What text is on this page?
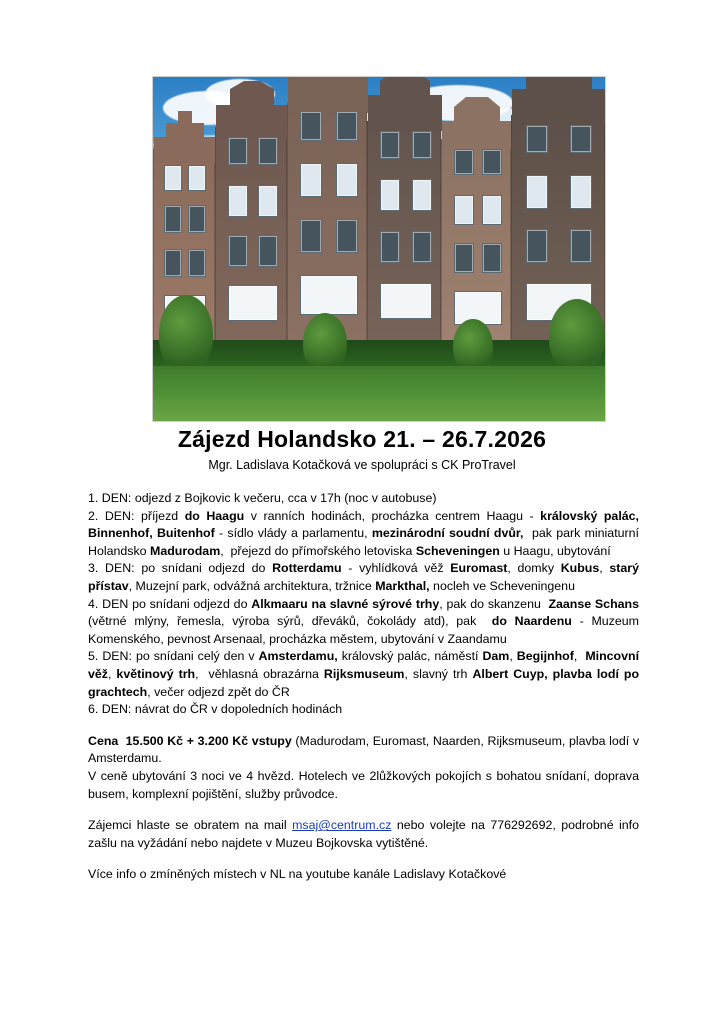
Zájezd Holandsko 21. – 26.7.2026
Mgr. Ladislava Kotačková ve spolupráci s CK ProTravel

1. DEN: odjezd z Bojkovic k večeru, cca v 17h (noc v autobuse)

2. DEN: příjezd do Haagu v ranních hodinách, procházka centrem Haagu - královský palác, Binnenhof, Buitenhof - sídlo vlády a parlamentu, mezinárodní soudní dvůr,  pak park miniaturní Holandsko Madurodam,  přejezd do přímořského letoviska Scheveningen u Haagu, ubytování

3. DEN: po snídani odjezd do Rotterdamu - vyhlídková věž Euromast, domky Kubus, starý přístav, Muzejní park, odvážná architektura, tržnice Markthal, nocleh ve Scheveningenu

4. DEN po snídani odjezd do Alkmaaru na slavné sýrové trhy, pak do skanzenu  Zaanse Schans (větrné mlýny, řemesla, výroba sýrů, dřeváků, čokolády atd), pak  do Naardenu - Muzeum Komenského, pevnost Arsenaal, procházka městem, ubytování v Zaandamu

5. DEN: po snídani celý den v Amsterdamu, královský palác, náměstí Dam, Begijnhof,  Mincovní věž, květinový trh,  věhlasná obrazárna Rijksmuseum, slavný trh Albert Cuyp, plavba lodí po grachtech, večer odjezd zpět do ČR

6. DEN: návrat do ČR v dopoledních hodinách

Cena 15.500 Kč + 3.200 Kč vstupy (Madurodam, Euromast, Naarden, Rijksmuseum, plavba lodí v Amsterdamu.

V ceně ubytování 3 noci ve 4 hvězd. Hotelech ve 2lůžkových pokojích s bohatou snídaní, doprava busem, komplexní pojištění, služby průvodce.

Zájemci hlaste se obratem na mail msaj@centrum.cz nebo volejte na 776292692, podrobné info zašlu na vyžádání nebo najdete v Muzeu Bojkovska vytištěné.

Více info o zmíněných místech v NL na youtube kanále Ladislavy Kotačkové
